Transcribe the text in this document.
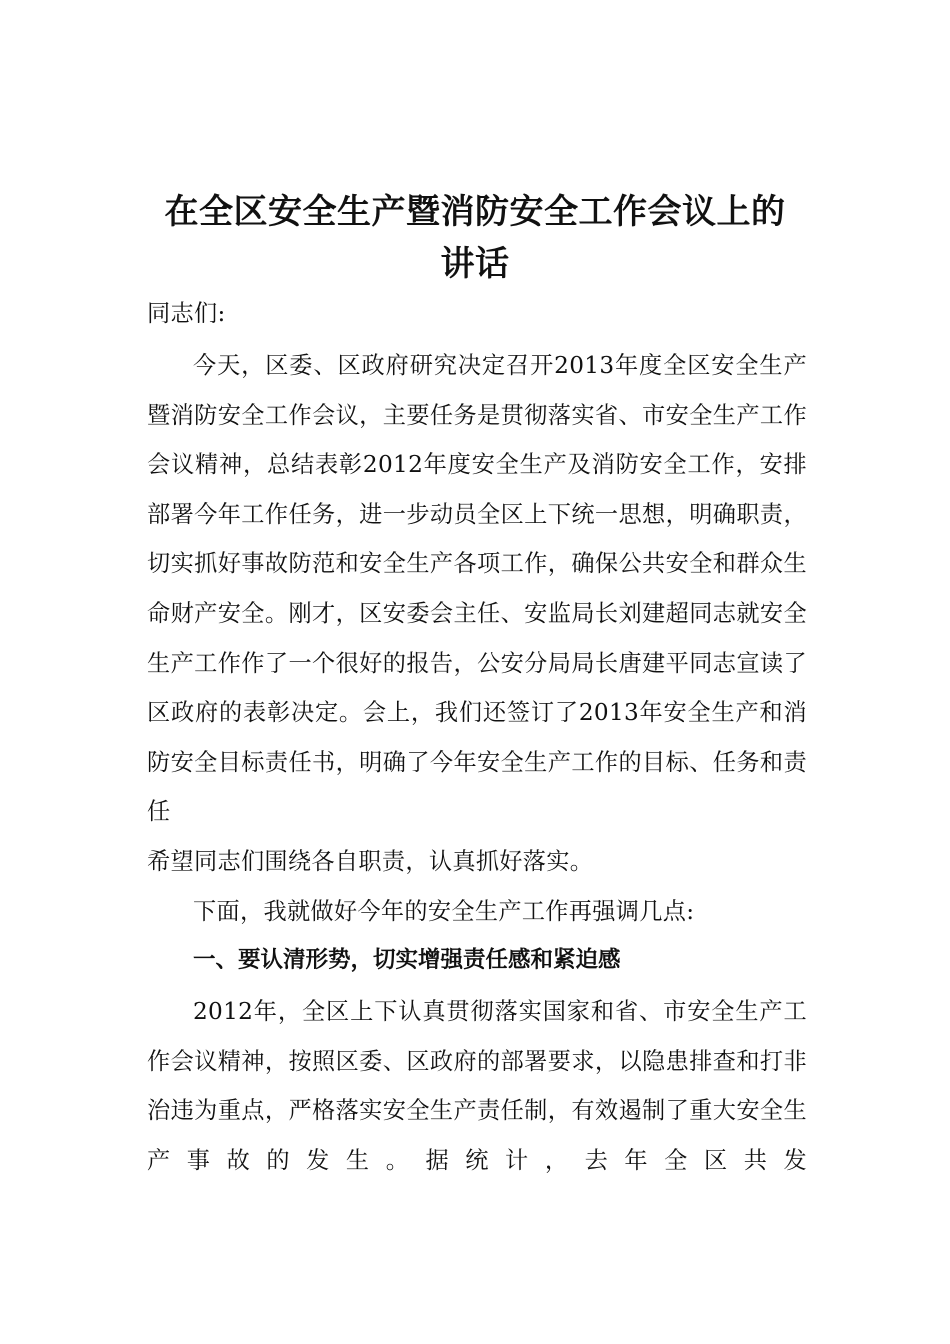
在全区安全生产暨消防安全工作会议上的
讲话

同志们:

今天，区委、区政府研究决定召开2013年度全区安全生产暨消防安全工作会议，主要任务是贯彻落实省、市安全生产工作会议精神，总结表彰2012年度安全生产及消防安全工作，安排部署今年工作任务，进一步动员全区上下统一思想，明确职责，切实抓好事故防范和安全生产各项工作，确保公共安全和群众生命财产安全。刚才，区安委会主任、安监局长刘建超同志就安全生产工作作了一个很好的报告，公安分局局长唐建平同志宣读了区政府的表彰决定。会上，我们还签订了2013年安全生产和消防安全目标责任书，明确了今年安全生产工作的目标、任务和责任

希望同志们围绕各自职责，认真抓好落实。

下面，我就做好今年的安全生产工作再强调几点:

一、要认清形势，切实增强责任感和紧迫感

2012年，全区上下认真贯彻落实国家和省、市安全生产工作会议精神，按照区委、区政府的部署要求，以隐患排查和打非治违为重点，严格落实安全生产责任制，有效遏制了重大安全生产事故的发生。据统计，去年全区共发
